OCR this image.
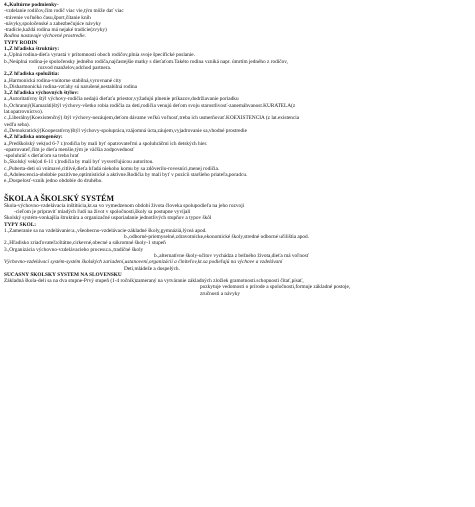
4.,Kultúrne podmienky-
-vzdelanie rodičov,čím rodič viac vie,tým môže dať viac
-trávenie voľného času,šport,čítanie kníh
-návyky,spoločenské a zabezbečujúce návyky
-tradície,každá rodina má nejaké tradície(zvyky)
Rodina nastavuje výchovné prostredie.
TYPY RODÍN
1.,Z hľadiska štruktúry:
a.,Úplná rodina-dieťa vyrastá v prítomnosti oboch rodičov,plnia svoje špecifické poslanie.
b.,Neúplná rodina-je spoločensky jedného rodiča,najčastejšie matky s dieťaťom.Takéto rodina vzniká napr. úmrtím jedného z rodičov,
rozvod manželov,odchod partnera.
2.,Z hľadiska spolužitia:
a.,Harmonická rodina-vnútorne stabilná,vyrovnané city
b.,Disharmonická rodina-vzťahy sú narušené,nestabilná rodina
3.,Z hľadiska výchovných štýlov:
a.,Autoritatívny štýl výchovy-rodičia nedajú dieťaťu priestor,vyžadujú plnenie príkazov,dodržiavanie poriadku
b.,Ochranný(Kamaráti)štýl výchovy-všetko robia rodičia za deti,rodičia venujú deťom svoju starostlivosť-zanemáhvanost.KURATELA(z
lat.opatrovníctvo).
c.,Liberálny(Koexistenčný) štýl výchovy-nezáujem,deťom dávame veľkú voľnosť,treba ich usmerňovať.KOEXISTENCIA (z lat.existencia
vedľa seba).
d.,Demokratický(Kooperatívny)štýl výchovy-spolupráca,vzájomná úcta,záujem,vyjadrovanie sa,vhodné prostredie
4.,Z hľadiska ontogenézy:
a.,Predškolský vek(od 6-7 r.)rodičia by mali byť opatrovateľmi a spoluhráčmi ich detských hier.
-opatrovateľ,čím je dieťa menšie,tým je väčšia zodpovednosť
-spoluhráč s dieťaťom sa treba hrať
b.,Školský vek(od 6-11 r.)rodičia by mali byť vysvetľujúcou autoritou.
c.,Puberta-deti sú vnímavé,citlivé,dieťa hľadá niekoho komu by sa zdôverilo-rovesníci,menej rodičia.
d.,Adolescencia-obdobie pozitívne,optimistické a aktívne.Rodičia by mali byť v pozícii staršieho priateľa,poradcu.
e.,Dospelosť-vznik jedno obdobie do druhého.
ŠKOLA A ŠKOLSKÝ SYSTÉM
Škola-výchovno-vzdelávacia inštitúcia,kt.sa vo vymedzenom období života človeka spolupodieľa na jeho rozvoji
-cieľom je pripraviť mladých ľudí na život v spoločnosti,školy sa postupne vyvíjali
Školský systém-vonkajšia štruktúra a organizačné usporiadanie jednotlivých stupňov a typov škôl
TYPY ŠKÔL:
1.,Zameranie sa na vzdelávanie:a.,všeobecno-vzdelávacie-základné školy,gymnáziá,lýceá apod.
b.,odborné-priemyselné,zdravotnícke,ekonomické školy,stredné odborné učilištia apod.
2.,Hľadisko zriaďovateľa:štátne,cirkevné,obecné a súkromné školy-1 stupeň
3.,Organizácia výchovno-vzdelávacieho procesu:a.,tradičné školy
b.,alternatívne školy-učitov vychádza z bežného života,dieťa má voľnosť
Výchovno-vzdelávací systém-systém školských zariadení,ustanovení,organizácií a činiteľov,kt.sa podieľajú na výchove a vzdelávaní
Deti,mládeže a dospelých.
SÚČASNÝ ŠKOLSKÝ SYSTÉM NA SLOVENSKU
Základná škola-deli sa na dva stupne-Prvý stupeň (1-4 ročník)zameraný na vytváranie základných zložiek gramotnosti.schopnosti čítať,písať,
pozkytuje vedomosti o prírode a spoločnosti,formuje základné postoje,
zručnosti a návyky
